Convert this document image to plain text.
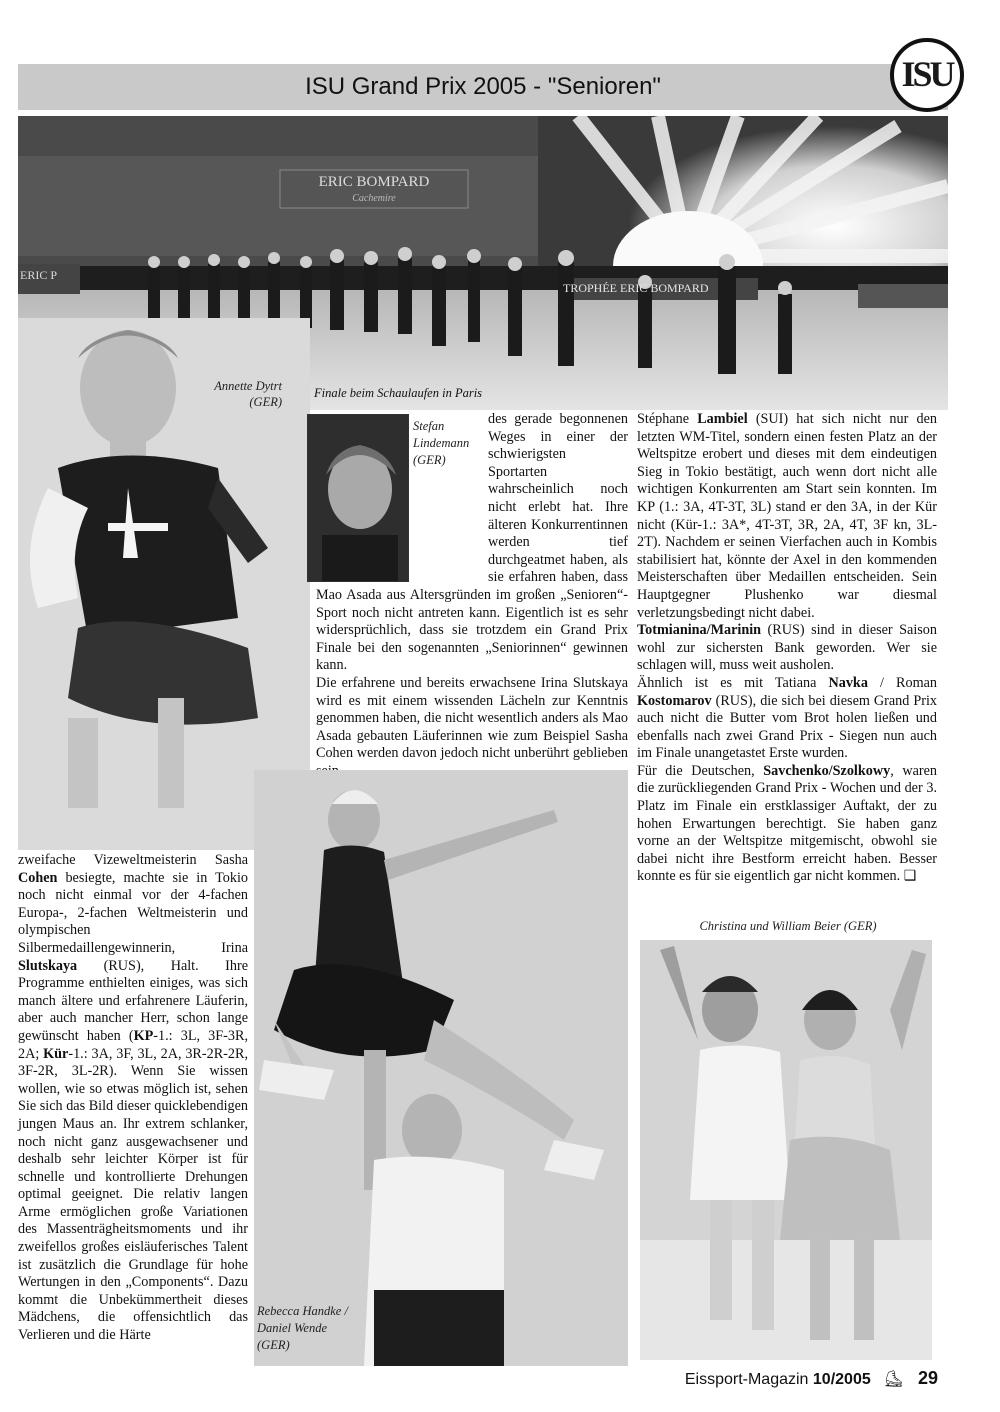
ISU Grand Prix 2005 - "Senioren"	ISU
ERIC BOMPARD
Cachemire
TROPHÉE ERIC BOMPARD
ERIC P
Finale beim Schaulaufen in Paris
Annette Dytrt
(GER)
Stefan
Lindemann
(GER)

des gerade begonnenen Weges in einer der schwierigsten Sportarten wahrscheinlich noch nicht erlebt hat. Ihre älteren Konkurrentinnen werden tief durchgeatmet haben, als sie erfahren haben, dass Mao Asada aus Altersgründen im großen „Senioren“-Sport noch nicht antreten kann. Eigentlich ist es sehr widersprüchlich, dass sie trotzdem ein Grand Prix Finale bei den sogenannten „Seniorinnen“ gewinnen kann.

Die erfahrene und bereits erwachsene Irina Slutskaya wird es mit einem wissenden Lächeln zur Kenntnis genommen haben, die nicht wesentlich anders als Mao Asada gebauten Läuferinnen wie zum Beispiel Sasha Cohen werden davon jedoch nicht unberührt geblieben

Stéphane Lambiel (SUI) hat sich nicht nur den letzten WM-Titel, sondern einen festen Platz an der Weltspitze erobert und dieses mit dem eindeutigen Sieg in Tokio bestätigt, auch wenn dort nicht alle wichtigen Konkurrenten am Start sein konnten. Im KP (1.: 3A, 4T-3T, 3L) stand er den 3A, in der Kür nicht (Kür-1.: 3A*, 4T-3T, 3R, 2A, 4T, 3F kn, 3L-2T). Nachdem er seinen Vierfachen auch in Kombis stabilisiert hat, könnte der Axel in den kommenden Meisterschaften über Medaillen entscheiden. Sein Hauptgegner Plushenko war diesmal verletzungsbedingt nicht dabei.

Totmianina/Marinin (RUS) sind in dieser Saison wohl zur sichersten Bank geworden. Wer sie schlagen will, muss weit ausholen.

Ähnlich ist es mit Tatiana Navka / Roman Kostomarov (RUS), die sich bei diesem Grand Prix auch nicht die Butter vom Brot holen ließen und ebenfalls nach zwei Grand Prix - Siegen nun auch im Finale unangetastet Erste wurden.

Für die Deutschen, Savchenko/Szolkowy, waren die zurückliegenden Grand Prix - Wochen und der 3. Platz im Finale ein erstklassiger Auftakt, der zu hohen Erwartungen berechtigt. Sie haben ganz vorne an der Weltspitze mitgemischt, obwohl sie dabei nicht ihre Bestform erreicht haben. Besser konnte es für sie eigentlich gar nicht kommen. ❑

Rebecca Handke /
Daniel Wende
(GER)

zweifache Vizeweltmeisterin Sasha Cohen besiegte, machte sie in Tokio noch nicht einmal vor der 4-fachen Europa-, 2-fachen Weltmeisterin und olympischen Silbermedaillengewinnerin, Irina Slutskaya (RUS), Halt. Ihre Programme enthielten einiges, was sich manch ältere und erfahrenere Läuferin, aber auch mancher Herr, schon lange gewünscht haben (KP-1.: 3L, 3F-3R, 2A; Kür-1.: 3A, 3F, 3L, 2A, 3R-2R-2R, 3F-2R, 3L-2R). Wenn Sie wissen wollen, wie so etwas möglich ist, sehen Sie sich das Bild dieser quicklebendigen jungen Maus an. Ihr extrem schlanker, noch nicht ganz ausgewachsener und deshalb sehr leichter Körper ist für schnelle und kontrollierte Drehungen optimal geeignet. Die relativ langen Arme ermöglichen große Variationen des Massenträgheitsmoments und ihr zweifellos großes eisläuferisches Talent ist zusätzlich die Grundlage für hohe Wertungen in den „Components“. Dazu kommt die Unbekümmertheit dieses Mädchens, die offensichtlich das Verlieren und die Härte

Christina und William Beier (GER)
Eissport-Magazin 10/2005 ⛸ 29
